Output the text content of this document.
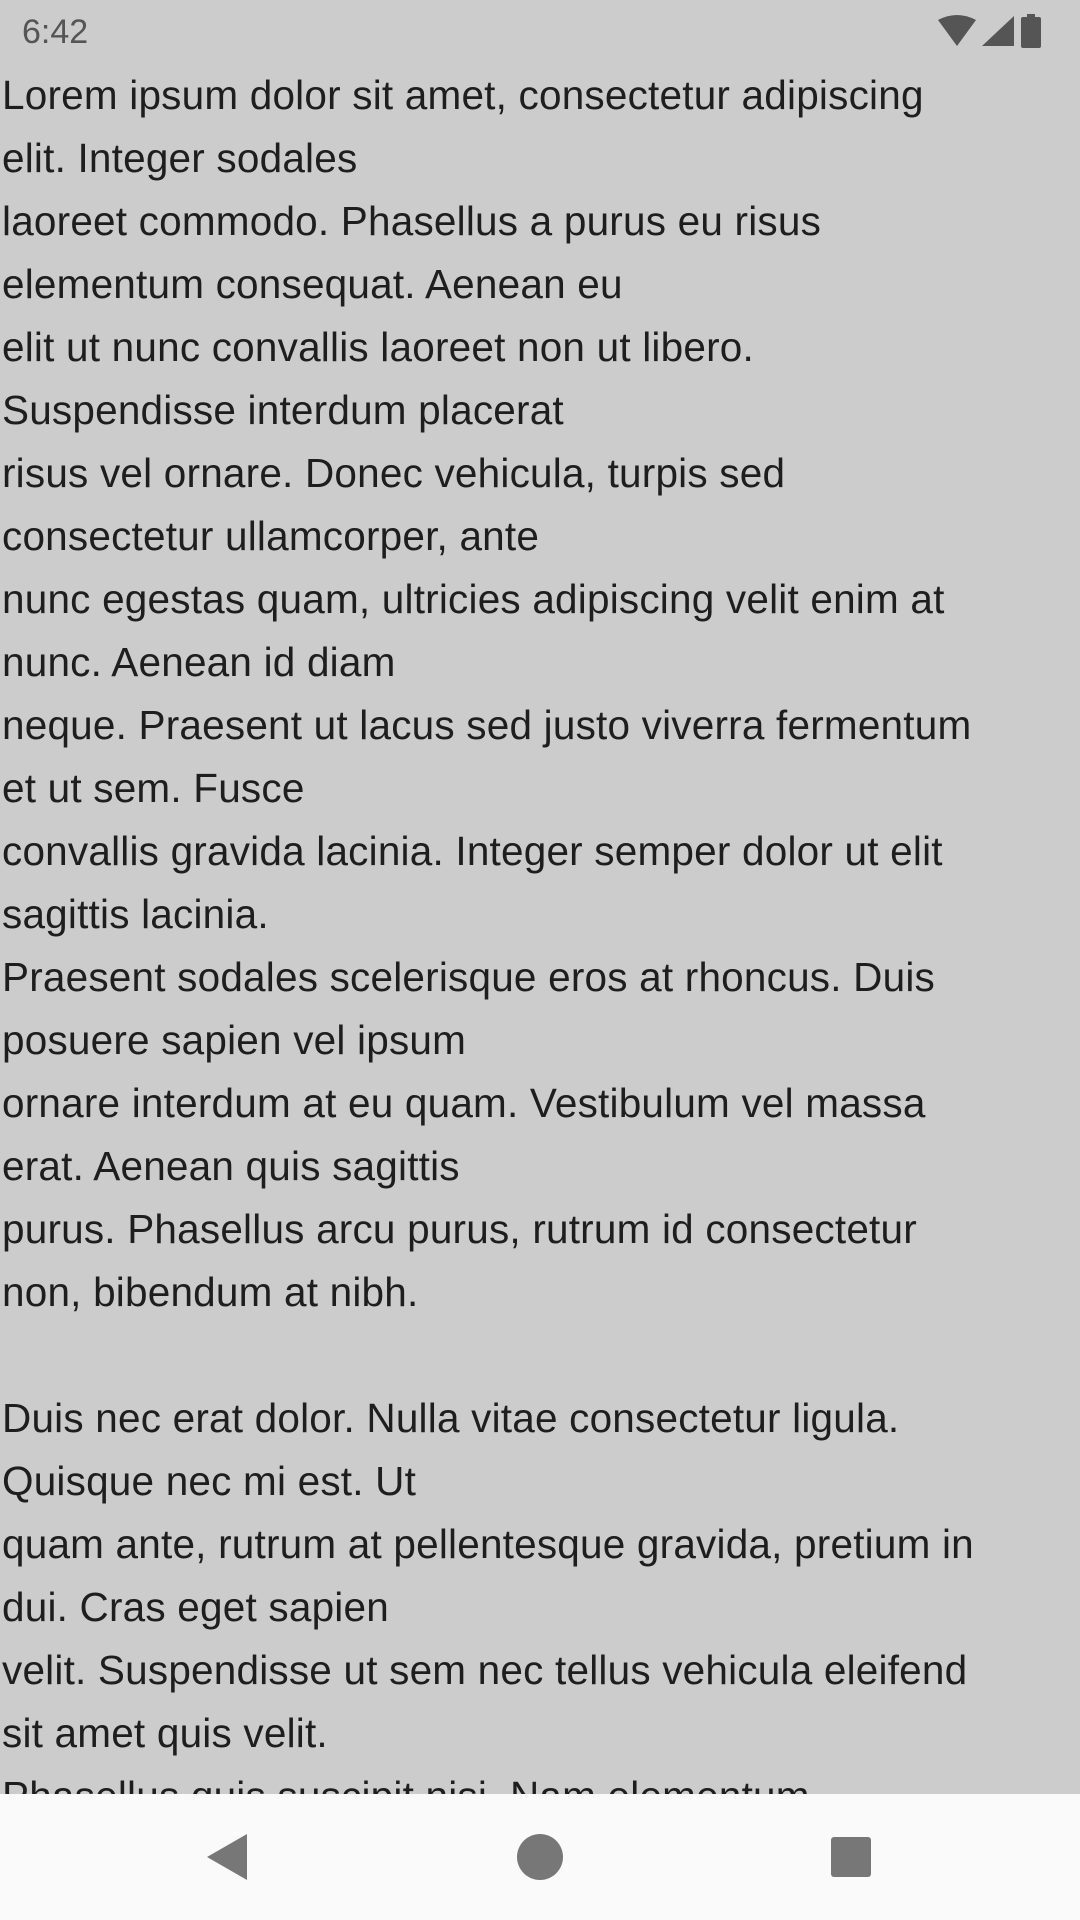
6:42
Lorem ipsum dolor sit amet, consectetur adipiscing
elit. Integer sodales
laoreet commodo. Phasellus a purus eu risus
elementum consequat. Aenean eu
elit ut nunc convallis laoreet non ut libero.
Suspendisse interdum placerat
risus vel ornare. Donec vehicula, turpis sed
consectetur ullamcorper, ante
nunc egestas quam, ultricies adipiscing velit enim at
nunc. Aenean id diam
neque. Praesent ut lacus sed justo viverra fermentum
et ut sem. Fusce
convallis gravida lacinia. Integer semper dolor ut elit
sagittis lacinia.
Praesent sodales scelerisque eros at rhoncus. Duis
posuere sapien vel ipsum
ornare interdum at eu quam. Vestibulum vel massa
erat. Aenean quis sagittis
purus. Phasellus arcu purus, rutrum id consectetur
non, bibendum at nibh.

Duis nec erat dolor. Nulla vitae consectetur ligula.
Quisque nec mi est. Ut
quam ante, rutrum at pellentesque gravida, pretium in
dui. Cras eget sapien
velit. Suspendisse ut sem nec tellus vehicula eleifend
sit amet quis velit.
